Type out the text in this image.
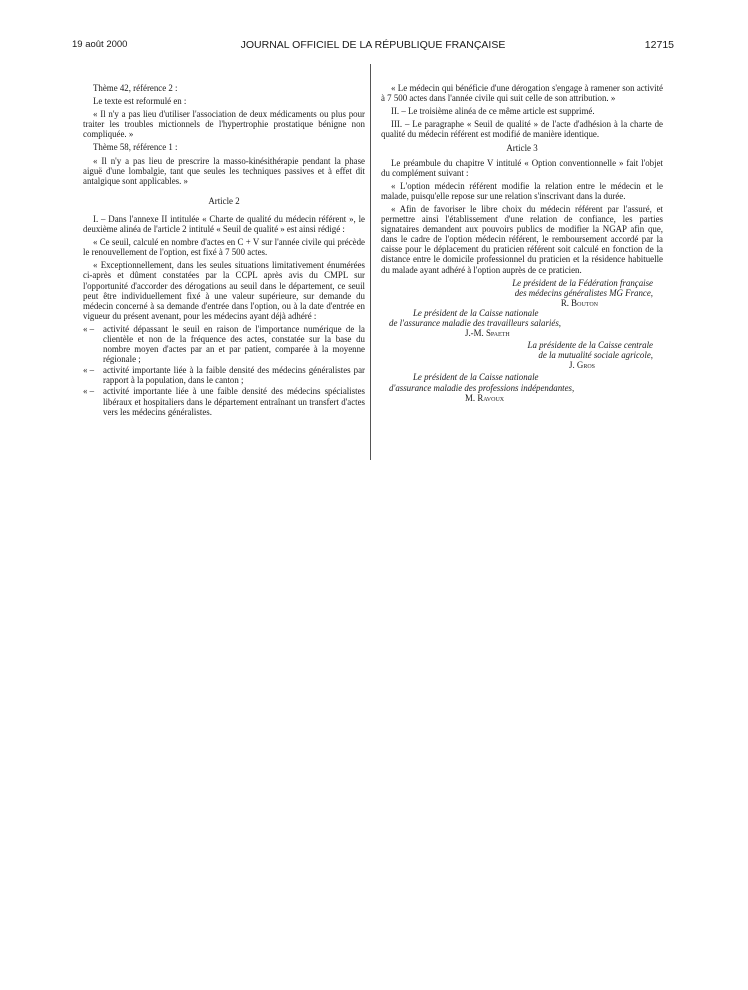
19 août 2000	JOURNAL OFFICIEL DE LA RÉPUBLIQUE FRANÇAISE	12715

Thème 42, référence 2 :

Le texte est reformulé en :

« Il n'y a pas lieu d'utiliser l'association de deux médicaments ou plus pour traiter les troubles mictionnels de l'hypertrophie prostatique bénigne non compliquée. »

Thème 58, référence 1 :

« Il n'y a pas lieu de prescrire la masso-kinésithérapie pendant la phase aiguë d'une lombalgie, tant que seules les techniques passives et à effet dit antalgique sont applicables. »

Article 2

I. – Dans l'annexe II intitulée « Charte de qualité du médecin référent », le deuxième alinéa de l'article 2 intitulé « Seuil de qualité » est ainsi rédigé :

« Ce seuil, calculé en nombre d'actes en C + V sur l'année civile qui précède le renouvellement de l'option, est fixé à 7 500 actes.

« Exceptionnellement, dans les seules situations limitativement énumérées ci-après et dûment constatées par la CCPL après avis du CMPL sur l'opportunité d'accorder des dérogations au seuil dans le département, ce seuil peut être individuellement fixé à une valeur supérieure, sur demande du médecin concerné à sa demande d'entrée dans l'option, ou à la date d'entrée en vigueur du présent avenant, pour les médecins ayant déjà adhéré :

« – activité dépassant le seuil en raison de l'importance numérique de la clientèle et non de la fréquence des actes, constatée sur la base du nombre moyen d'actes par an et par patient, comparée à la moyenne régionale ;
« – activité importante liée à la faible densité des médecins généralistes par rapport à la population, dans le canton ;
« – activité importante liée à une faible densité des médecins spécialistes libéraux et hospitaliers dans le département entraînant un transfert d'actes vers les médecins généralistes.

« Le médecin qui bénéficie d'une dérogation s'engage à ramener son activité à 7 500 actes dans l'année civile qui suit celle de son attribution. »

II. – Le troisième alinéa de ce même article est supprimé.

III. – Le paragraphe « Seuil de qualité » de l'acte d'adhésion à la charte de qualité du médecin référent est modifié de manière identique.

Article 3

Le préambule du chapitre V intitulé « Option conventionnelle » fait l'objet du complément suivant :

« L'option médecin référent modifie la relation entre le médecin et le malade, puisqu'elle repose sur une relation s'inscrivant dans la durée.

« Afin de favoriser le libre choix du médecin référent par l'assuré, et permettre ainsi l'établissement d'une relation de confiance, les parties signataires demandent aux pouvoirs publics de modifier la NGAP afin que, dans le cadre de l'option médecin référent, le remboursement accordé par la caisse pour le déplacement du praticien référent soit calculé en fonction de la distance entre le domicile professionnel du praticien et la résidence habituelle du malade ayant adhéré à l'option auprès de ce praticien.

Le président de la Fédération française

des médecins généralistes MG France,

R. Bouton

Le président de la Caisse nationale

de l'assurance maladie des travailleurs salariés,

J.-M. Spaeth

La présidente de la Caisse centrale

de la mutualité sociale agricole,

J. Gros

Le président de la Caisse nationale

d'assurance maladie des professions indépendantes,

M. Ravoux
